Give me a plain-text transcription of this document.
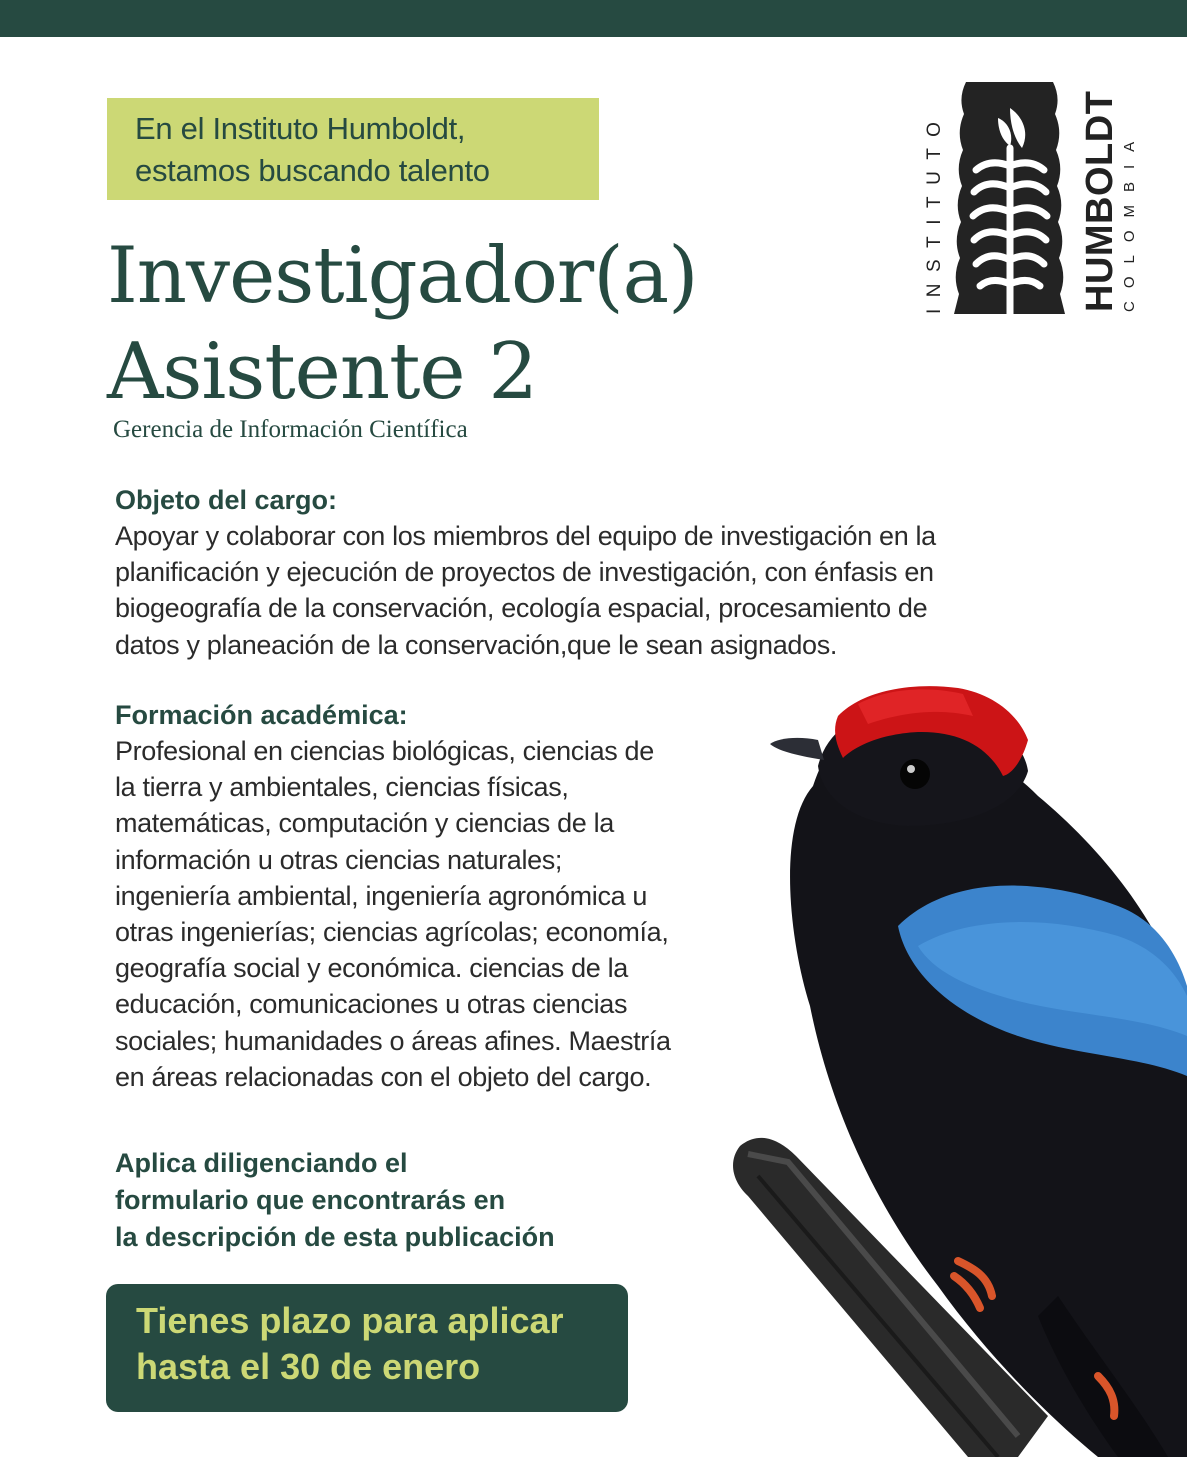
En el Instituto Humboldt,
estamos buscando talento
Investigador(a)
Asistente 2
Gerencia de Información Científica
Objeto del cargo:

Apoyar y colaborar con los miembros del equipo de investigación en la

planificación y ejecución de proyectos de investigación, con énfasis en

biogeografía de la conservación, ecología espacial, procesamiento de

datos y planeación de la conservación,que le sean asignados.

Formación académica:

Profesional en ciencias biológicas, ciencias de

la tierra y ambientales, ciencias físicas,

matemáticas, computación y ciencias de la

información u otras ciencias naturales;

ingeniería ambiental, ingeniería agronómica u

otras ingenierías; ciencias agrícolas; economía,

geografía social y económica. ciencias de la

educación, comunicaciones u otras ciencias

sociales; humanidades o áreas afines. Maestría

en áreas relacionadas con el objeto del cargo.

Aplica diligenciando el
formulario que encontrarás en
la descripción de esta publicación
Tienes plazo para aplicar
hasta el 30 de enero
INSTITUTO	HUMBOLDT COLOMBIA
